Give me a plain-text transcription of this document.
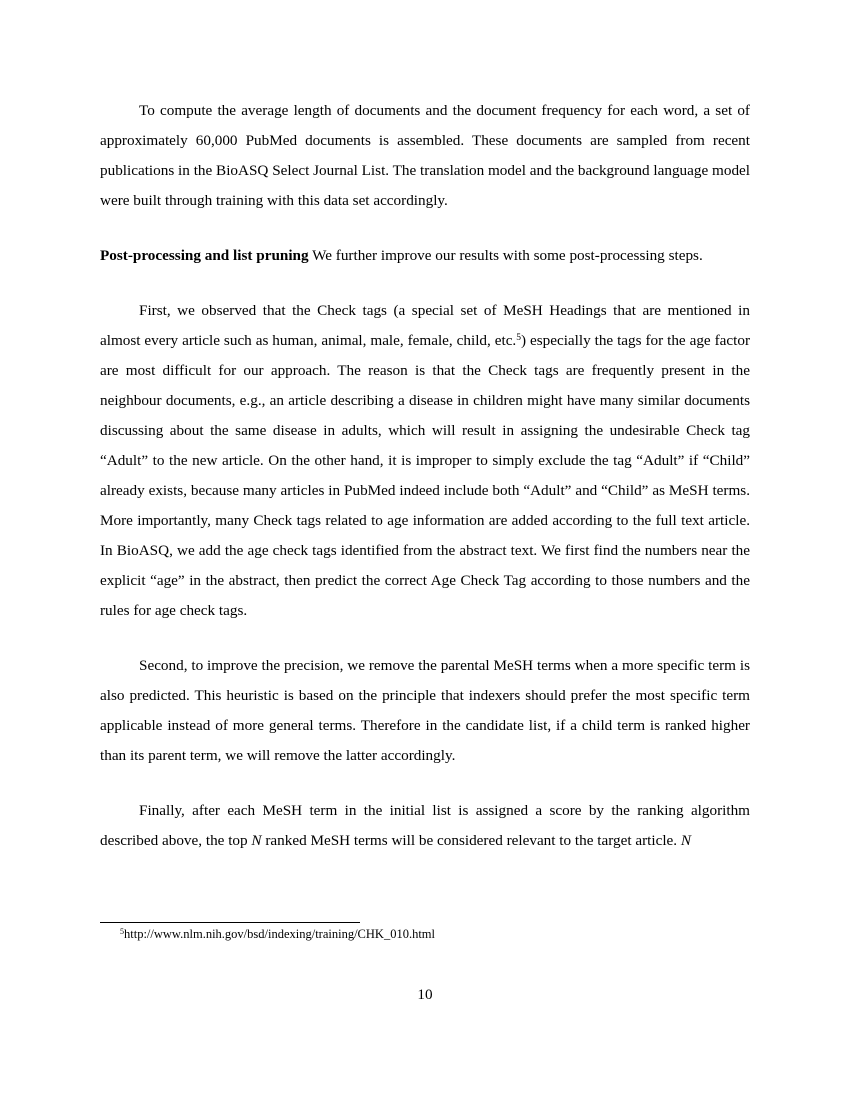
To compute the average length of documents and the document frequency for each word, a set of approximately 60,000 PubMed documents is assembled. These documents are sampled from recent publications in the BioASQ Select Journal List. The translation model and the background language model were built through training with this data set accordingly.

Post-processing and list pruning We further improve our results with some post-processing steps.

First, we observed that the Check tags (a special set of MeSH Headings that are mentioned in almost every article such as human, animal, male, female, child, etc.$^5$) especially the tags for the age factor are most difficult for our approach. The reason is that the Check tags are frequently present in the neighbour documents, e.g., an article describing a disease in children might have many similar documents discussing about the same disease in adults, which will result in assigning the undesirable Check tag “Adult” to the new article. On the other hand, it is improper to simply exclude the tag “Adult” if “Child” already exists, because many articles in PubMed indeed include both “Adult” and “Child” as MeSH terms. More importantly, many Check tags related to age information are added according to the full text article. In BioASQ, we add the age check tags identified from the abstract text. We first find the numbers near the explicit “age” in the abstract, then predict the correct Age Check Tag according to those numbers and the rules for age check tags.

Second, to improve the precision, we remove the parental MeSH terms when a more specific term is also predicted. This heuristic is based on the principle that indexers should prefer the most specific term applicable instead of more general terms. Therefore in the candidate list, if a child term is ranked higher than its parent term, we will remove the latter accordingly.

Finally, after each MeSH term in the initial list is assigned a score by the ranking algorithm described above, the top N ranked MeSH terms will be considered relevant to the target article. N

$^5$http://www.nlm.nih.gov/bsd/indexing/training/CHK_010.html
10
